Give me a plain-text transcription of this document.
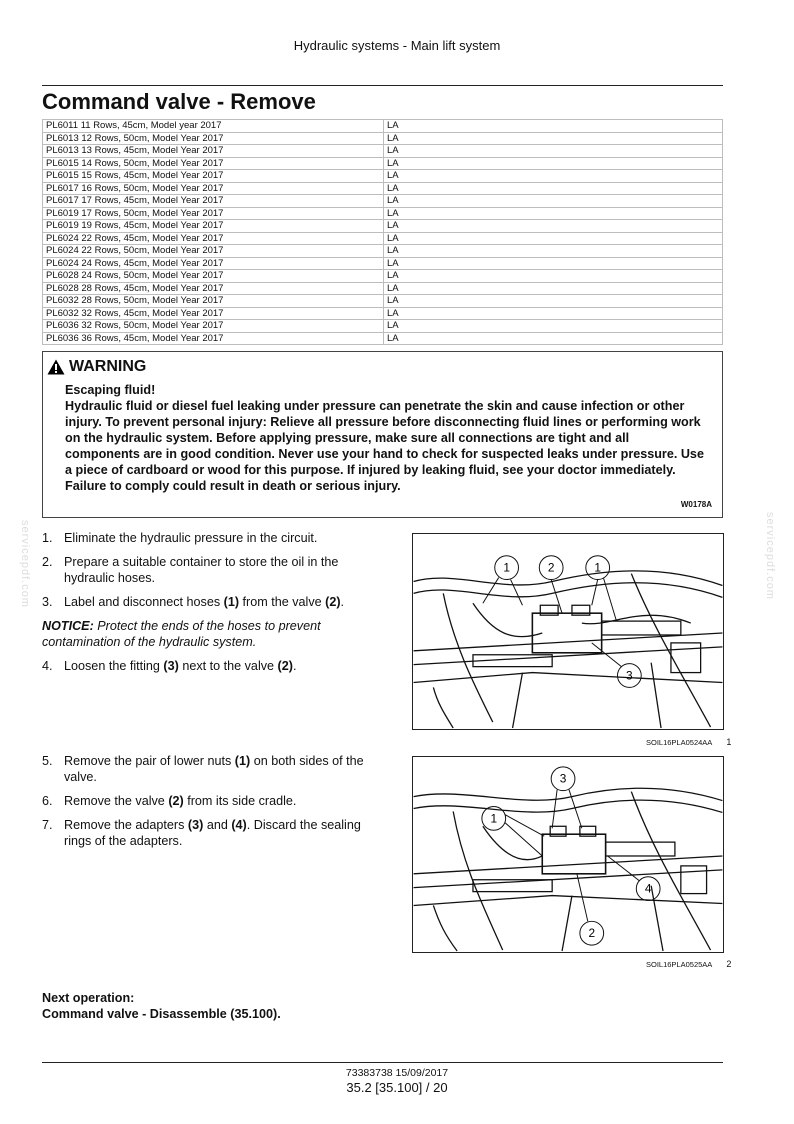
Hydraulic systems - Main lift system
Command valve - Remove
PL6011 11 Rows, 45cm, Model year 2017	LA
PL6013 12 Rows, 50cm, Model Year 2017	LA
PL6013 13 Rows, 45cm, Model Year 2017	LA
PL6015 14 Rows, 50cm, Model Year 2017	LA
PL6015 15 Rows, 45cm, Model Year 2017	LA
PL6017 16 Rows, 50cm, Model Year 2017	LA
PL6017 17 Rows, 45cm, Model Year 2017	LA
PL6019 17 Rows, 50cm, Model Year 2017	LA
PL6019 19 Rows, 45cm, Model Year 2017	LA
PL6024 22 Rows, 45cm, Model Year 2017	LA
PL6024 22 Rows, 50cm, Model Year 2017	LA
PL6024 24 Rows, 45cm, Model Year 2017	LA
PL6028 24 Rows, 50cm, Model Year 2017	LA
PL6028 28 Rows, 45cm, Model Year 2017	LA
PL6032 28 Rows, 50cm, Model Year 2017	LA
PL6032 32 Rows, 45cm, Model Year 2017	LA
PL6036 32 Rows, 50cm, Model Year 2017	LA
PL6036 36 Rows, 45cm, Model Year 2017	LA
WARNING

Escaping fluid!

Hydraulic fluid or diesel fuel leaking under pressure can penetrate the skin and cause infection or other injury. To prevent personal injury: Relieve all pressure before disconnecting fluid lines or performing work on the hydraulic system. Before applying pressure, make sure all connections are tight and all components are in good condition. Never use your hand to check for suspected leaks under pressure. Use a piece of cardboard or wood for this purpose. If injured by leaking fluid, see your doctor immediately.

Failure to comply could result in death or serious injury.

W0178A
servicepdf.com	servicepdf.com
1. Eliminate the hydraulic pressure in the circuit.
2. Prepare a suitable container to store the oil in the hydraulic hoses.
3. Label and disconnect hoses (1) from the valve (2).

NOTICE: Protect the ends of the hoses to prevent contamination of the hydraulic system.

4. Loosen the fitting (3) next to the valve (2).
5. Remove the pair of lower nuts (1) on both sides of the valve.
6. Remove the valve (2) from its side cradle.
7. Remove the adapters (3) and (4). Discard the sealing rings of the adapters.
1	2	1
3
SOIL16PLA0524AA 1
3
1
4
2
SOIL16PLA0525AA 2
Next operation:
Command valve - Disassemble (35.100).
73383738 15/09/2017
35.2 [35.100] / 20
